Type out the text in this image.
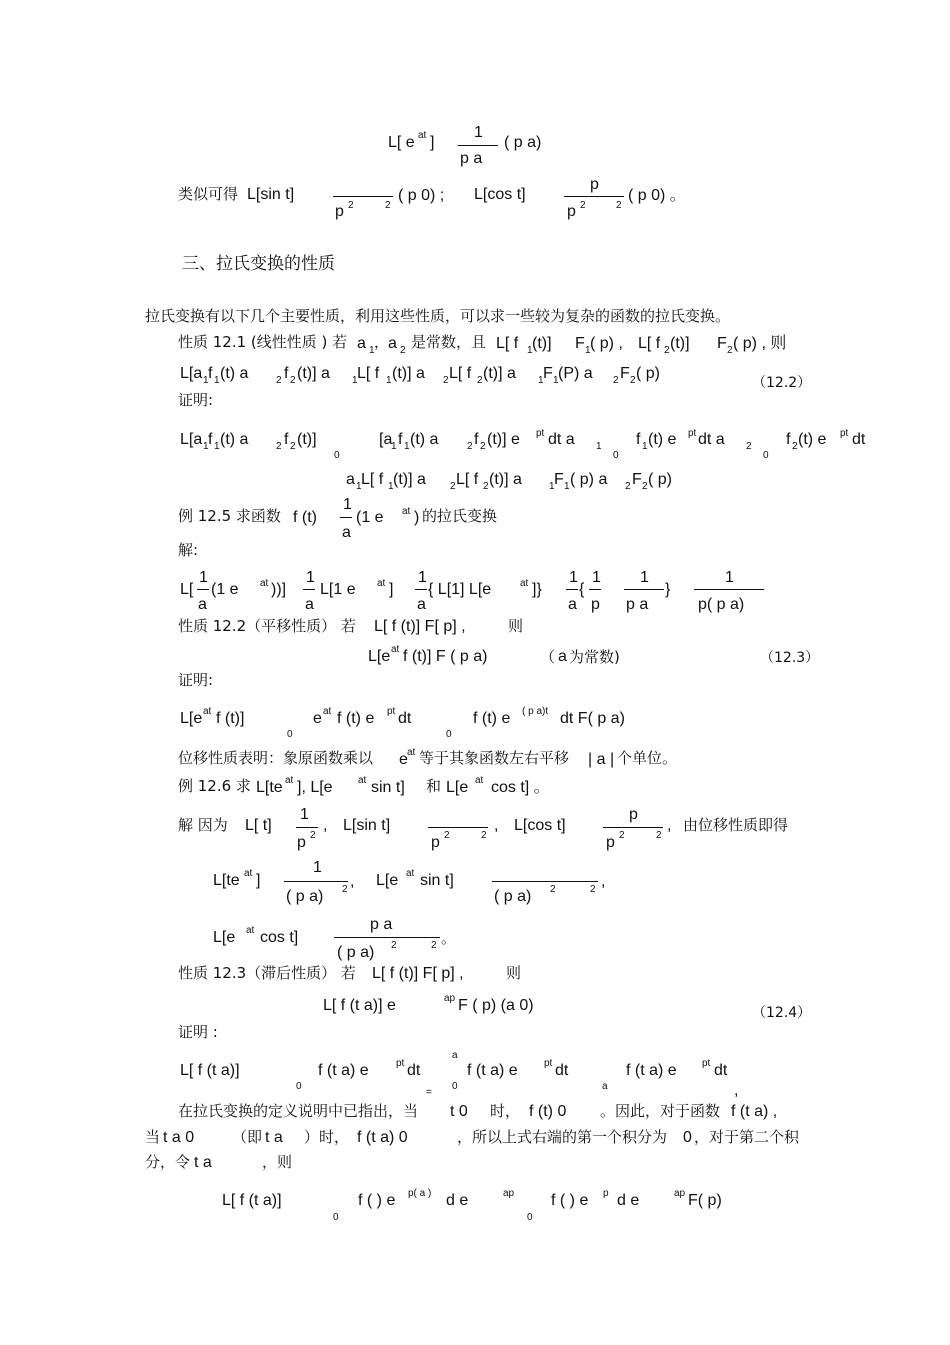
L[ e at ]
1
p a
( p a)
类似可得 L[sin t]
p 2	2
( p 0) ; L[cos t]
p
p 2	2
( p 0) 。
三、拉氏变换的性质
拉氏变换有以下几个主要性质，利用这些性质，可以求一些较为复杂的函数的拉氏变换。
性质 12.1 (线性性质 ) 若 a 1 ，
a 2 是常数，且 L[ f 1 (t)] F 1 ( p) , L[ f 2 (t)] F 2 ( p) , 则
L[a 1 f 1 (t) a	2 f 2 (t)] a 1 L[ f 1 (t)] a 2 L[ f 2 (t)] a 1 F 1 (P) a 2 F 2 ( p)
（12.2）
证明:
L[a 1 f 1 (t) a	2 f 2 (t)]
0
[a
1 f 1 (t) a	2 f 2 (t)] e pt dt a 1
0
f 1 (t) e pt dt a 2
0
f 2 (t) e pt dt
a 1 L[ f 1 (t)] a 2 L[ f 2 (t)] a	1 F 1 ( p) a 2 F 2 ( p)
例 12.5 求函数 f (t)
1
a
(1 e at ) 的拉氏变换
解:
L[
1
a
(1 e at ))]
1
a
L[1 e at ]
1
a
{ L[1] L[e	at ]}
1
a
{
1
p
1
p a
}
1
p( p a)
性质 12.2（平移性质） 若 L[ f (t)] F[ p] ,	则
L[e at f (t)] F ( p a)	（ a 为常数)	（12.3）
证明:
L[e at f (t)]
0
e at f (t) e pt dt
0
f (t) e ( p a)t dt F( p a)
位移性质表明：象原函数乘以 e at 等于其象函数左右平移 | a | 个单位。
例 12.6 求 L[te at ], L[e	at sin t] 和 L[e at cos t] 。
解 因为 L[ t]
1
p 2
, L[sin t]
p 2	2
, L[cos t]
p
p 2	2
, 由位移性质即得
L[te at ]
1
( p a) 2 , L[e at sin t]
( p a) 2	2 ,
L[e at cos t]
p a
( p a) 2	2 。
性质 12.3（滞后性质） 若 L[ f (t)] F[ p] ,	则
L[ f (t a)] e	ap F ( p) (a 0)	（12.4）
证明 :
L[ f (t a)]
0
f (t a) e	pt dt
=
a
0
f (t a) e	pt dt
a
f (t a) e	pt dt
,
在拉氏变换的定义说明中已指出，当 t 0 时， f (t) 0 。因此，对于函数 f (t a) ,
当 t a 0	（即 t a ）时， f (t a) 0	，所以上式右端的第一个积分为 0 ，对于第二个积
分，令 t a	，则
L[ f (t a)]
0
f ( ) e p( a ) d e	ap
0
f ( ) e p d e	ap F( p)
